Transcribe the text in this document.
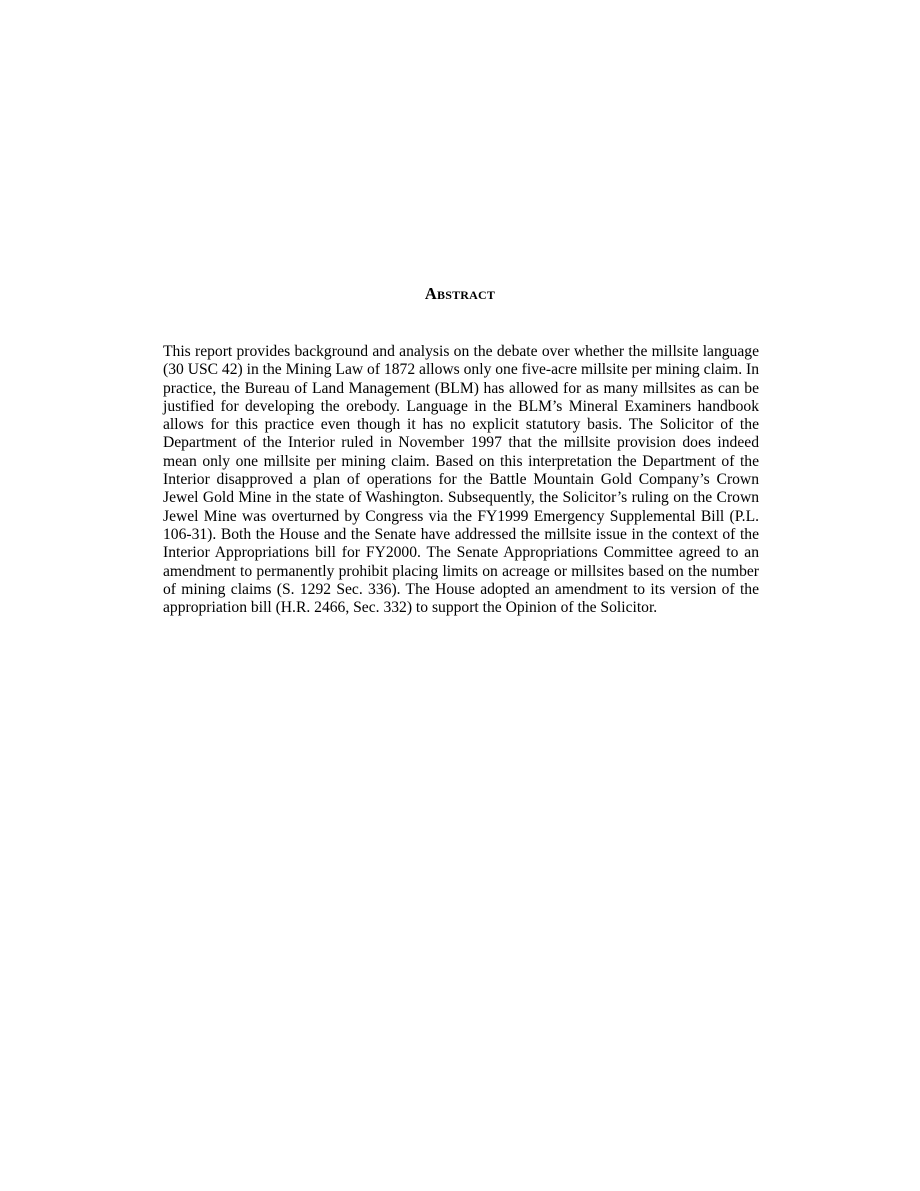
Abstract

This report provides background and analysis on the debate over whether the millsite language (30 USC 42) in the Mining Law of 1872 allows only one five-acre millsite per mining claim. In practice, the Bureau of Land Management (BLM) has allowed for as many millsites as can be justified for developing the orebody. Language in the BLM’s Mineral Examiners handbook allows for this practice even though it has no explicit statutory basis. The Solicitor of the Department of the Interior ruled in November 1997 that the millsite provision does indeed mean only one millsite per mining claim. Based on this interpretation the Department of the Interior disapproved a plan of operations for the Battle Mountain Gold Company’s Crown Jewel Gold Mine in the state of Washington. Subsequently, the Solicitor’s ruling on the Crown Jewel Mine was overturned by Congress via the FY1999 Emergency Supplemental Bill (P.L. 106-31). Both the House and the Senate have addressed the millsite issue in the context of the Interior Appropriations bill for FY2000. The Senate Appropriations Committee agreed to an amendment to permanently prohibit placing limits on acreage or millsites based on the number of mining claims (S. 1292 Sec. 336). The House adopted an amendment to its version of the appropriation bill (H.R. 2466, Sec. 332) to support the Opinion of the Solicitor.
